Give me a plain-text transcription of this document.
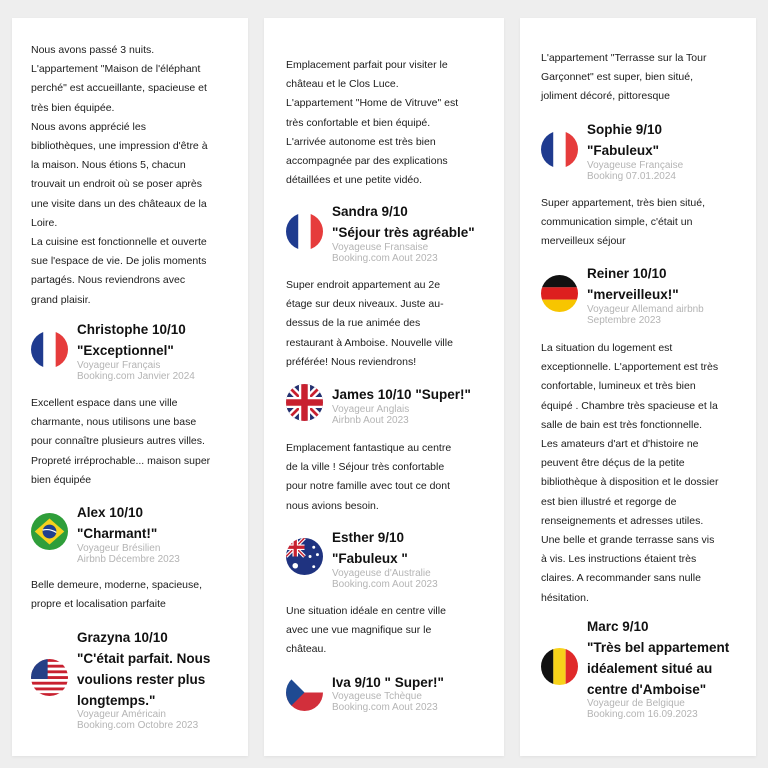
Nous avons passé 3 nuits.
L'appartement "Maison de l'éléphant
perché" est accueillante, spacieuse et
très bien équipée.
Nous avons apprécié les
bibliothèques, une impression d'être à
la maison. Nous étions 5, chacun
trouvait un endroit où se poser après
une visite dans un des châteaux de la
Loire.
La cuisine est fonctionnelle et ouverte
sue l'espace de vie. De jolis moments
partagés. Nous reviendrons avec
grand plaisir.

Christophe 10/10

"Exceptionnel"

Voyageur Français
Booking.com Janvier 2024

Excellent espace dans une ville
charmante, nous utilisons une base
pour connaître plusieurs autres villes.
Propreté irréprochable... maison super
bien équipée

Alex 10/10

"Charmant!"

Voyageur Brésilien
Airbnb Décembre 2023

Belle demeure, moderne, spacieuse,
propre et localisation parfaite

Grazyna 10/10

"C'était parfait. Nous
voulions rester plus
longtemps."

Voyageur Américain
Booking.com Octobre 2023

Emplacement parfait pour visiter le
château et le Clos Luce.
L'appartement "Home de Vitruve" est
très confortable et bien équipé.
L'arrivée autonome est très bien
accompagnée par des explications
détaillées et une petite vidéo.

Sandra 9/10

"Séjour très agréable"

Voyageuse Fransaise
Booking.com Aout 2023

Super endroit appartement au 2e
étage sur deux niveaux. Juste au-
dessus de la rue animée des
restaurant à Amboise. Nouvelle ville
préférée! Nous reviendrons!

James 10/10 "Super!"

Voyageur Anglais
Airbnb Aout 2023

Emplacement fantastique au centre
de la ville ! Séjour très confortable
pour notre famille avec tout ce dont
nous avions besoin.

Esther 9/10

"Fabuleux "

Voyageuse d'Australie
Booking.com Aout 2023

Une situation idéale en centre ville
avec une vue magnifique sur le
château.

Iva 9/10 " Super!"

Voyageuse Tchèque
Booking.com Aout 2023

L'appartement "Terrasse sur la Tour
Garçonnet" est super, bien situé,
joliment décoré, pittoresque

Sophie 9/10

"Fabuleux"

Voyageuse Française
Booking 07.01.2024

Super appartement, très bien situé,
communication simple, c'était un
merveilleux séjour

Reiner 10/10

"merveilleux!"

Voyageur Allemand airbnb
Septembre 2023

La situation du logement est
exceptionnelle. L'apportement est très
confortable, lumineux et très bien
équipé . Chambre très spacieuse et la
salle de bain est très fonctionnelle.
Les amateurs d'art et d'histoire ne
peuvent être déçus de la petite
bibliothèque à disposition et le dossier
est bien illustré et regorge de
renseignements et adresses utiles.
Une belle et grande terrasse sans vis
à vis. Les instructions étaient très
claires. A recommander sans nulle
hésitation.

Marc 9/10

"Très bel appartement
idéalement situé au
centre d'Amboise"

Voyageur de Belgique
Booking.com 16.09.2023
